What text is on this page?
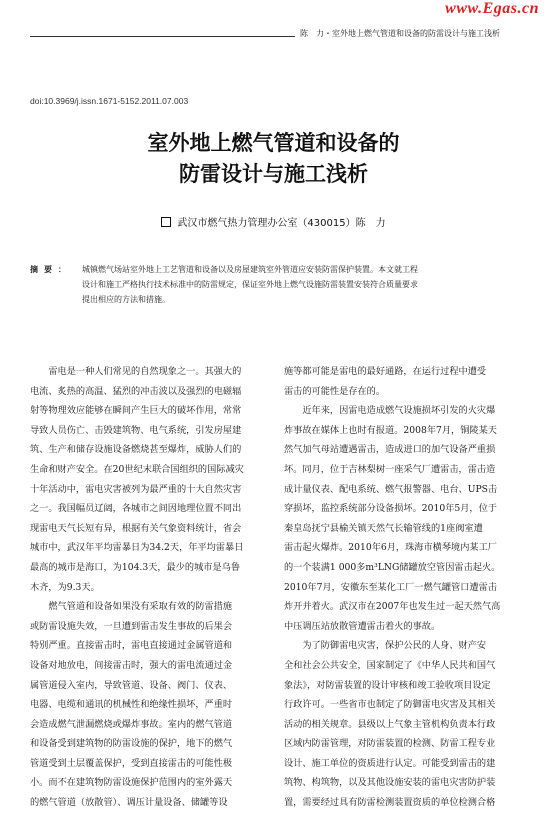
www.Egas.cn
陈　力・室外地上燃气管道和设备的防雷设计与施工浅析
doi:10.3969/j.issn.1671-5152.2011.07.003
室外地上燃气管道和设备的
防雷设计与施工浅析
武汉市燃气热力管理办公室（430015）陈　力
摘要： 城镇燃气场站室外地上工艺管道和设备以及房屋建筑室外管道应安装防雷保护装置。本文就工程
设计和施工严格执行技术标准中的防雷规定，保证室外地上燃气设施防雷装置安装符合质量要求
提出相应的方法和措施。
　　雷电是一种人们常见的自然现象之一。其强大的
电流、炙热的高温、猛烈的冲击波以及强烈的电磁辐
射等物理效应能够在瞬间产生巨大的破坏作用，常常
导致人员伤亡、击毁建筑物、电气系统，引发房屋建
筑、生产和储存设施设备燃烧甚至爆炸，威胁人们的
生命和财产安全。在20世纪末联合国组织的国际减灾
十年活动中，雷电灾害被列为最严重的十大自然灾害
之一。我国幅员辽阔，各城市之间因地理位置不同出
现雷电天气长短有异，根据有关气象资料统计，省会
城市中，武汉年平均雷暴日为34.2天，年平均雷暴日
最高的城市是海口，为104.3天，最少的城市是乌鲁
木齐，为9.3天。
　　燃气管道和设备如果没有采取有效的防雷措施
或防雷设施失效，一旦遭到雷击发生事故的后果会
特别严重。直接雷击时，雷电直接通过金属管道和
设备对地放电，间接雷击时，强大的雷电流通过金
属管道侵入室内，导致管道、设备、阀门、仪表、
电器、电缆和通讯的机械性和绝缘性损坏，严重时
会造成燃气泄漏燃烧或爆炸事故。室内的燃气管道
和设备受到建筑物的防雷设施的保护，地下的燃气
管道受到土层覆盖保护，受到直接雷击的可能性极
小。而不在建筑物防雷设施保护范围内的室外露天
的燃气管道（放散管）、调压计量设备、储罐等设
施等都可能是雷电的最好通路，在运行过程中遭受
雷击的可能性是存在的。
　　近年来，因雷电造成燃气设施损坏引发的火灾爆
炸事故在媒体上也时有报道。2008年7月，铜陵某天
然气加气母站遭遇雷击，造成进口的加气设备严重损
坏。同月，位于吉林梨树一座采气厂遭雷击，雷击造
成计量仪表、配电系统、燃气报警器、电台、UPS击
穿损坏，监控系统部分设备损坏。2010年5月，位于
秦皇岛抚宁县榆关镇天然气长输管线的1座阀室遭
雷击起火爆炸。2010年6月，珠海市横琴境内某工厂
的一个装满1 000多m³LNG储罐放空管因雷击起火。
2010年7月，安徽东至某化工厂一燃气罐管口遭雷击
炸开并着火。武汉市在2007年也发生过一起天然气高
中压调压站放散管遭雷击着火的事故。
　　为了防御雷电灾害，保护公民的人身、财产安
全和社会公共安全，国家制定了《中华人民共和国气
象法》，对防雷装置的设计审核和竣工验收项目设定
行政许可。一些省市也制定了防御雷电灾害及其相关
活动的相关规章。县级以上气象主管机构负责本行政
区域内防雷管理，对防雷装置的检测、防雷工程专业
设计、施工单位的资质进行认定。可能受到雷击的建
筑物、构筑物，以及其他设施安装的雷电灾害防护装
置，需要经过具有防雷检测装置资质的单位检测合格
